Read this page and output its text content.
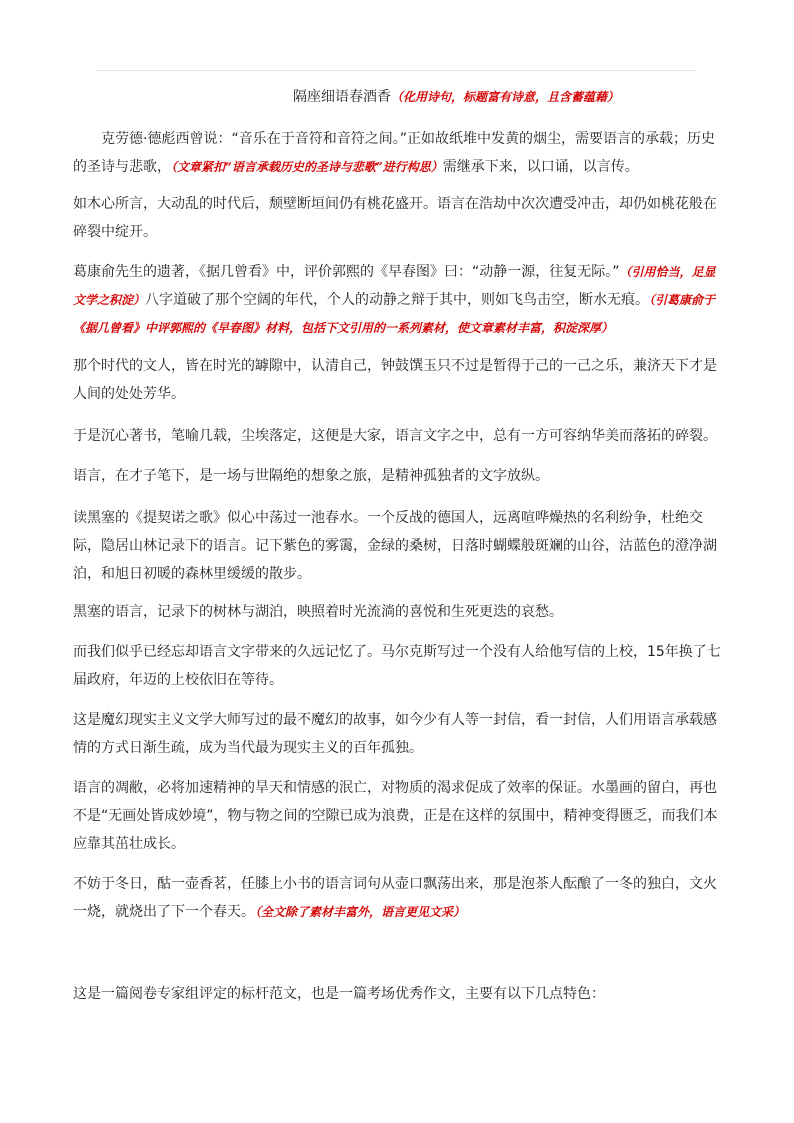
隔座细语春酒香（化用诗句，标题富有诗意，且含蓄蕴藉）

克劳德·德彪西曾说：“音乐在于音符和音符之间。”正如故纸堆中发黄的烟尘，需要语言的承载；历史的圣诗与悲歌，（文章紧扣“语言承载历史的圣诗与悲歌”进行构思）需继承下来，以口诵，以言传。

如木心所言，大动乱的时代后，颓壁断垣间仍有桃花盛开。语言在浩劫中次次遭受冲击，却仍如桃花般在碎裂中绽开。

葛康俞先生的遗著，《据几曾看》中，评价郭熙的《早春图》曰：“动静一源，往复无际。”（引用恰当，足显文学之积淀）八字道破了那个空阔的年代，个人的动静之辩于其中，则如飞鸟击空，断水无痕。（引葛康俞于《据几曾看》中评郭熙的《早春图》材料，包括下文引用的一系列素材，使文章素材丰富，积淀深厚）

那个时代的文人，皆在时光的罅隙中，认清自己，钟鼓馔玉只不过是暂得于己的一己之乐，兼济天下才是人间的处处芳华。

于是沉心著书，笔喻几载，尘埃落定，这便是大家，语言文字之中，总有一方可容纳华美而落拓的碎裂。

语言，在才子笔下，是一场与世隔绝的想象之旅，是精神孤独者的文字放纵。

读黑塞的《提契诺之歌》似心中荡过一池春水。一个反战的德国人，远离喧哗燥热的名利纷争，杜绝交际，隐居山林记录下的语言。记下紫色的雾霭，金绿的桑树，日落时蝴蝶般斑斓的山谷，沽蓝色的澄净湖泊，和旭日初暖的森林里缓缓的散步。

黑塞的语言，记录下的树林与湖泊，映照着时光流淌的喜悦和生死更迭的哀愁。

而我们似乎已经忘却语言文字带来的久远记忆了。马尔克斯写过一个没有人给他写信的上校，15年换了七届政府，年迈的上校依旧在等待。

这是魔幻现实主义文学大师写过的最不魔幻的故事，如今少有人等一封信，看一封信，人们用语言承载感情的方式日渐生疏，成为当代最为现实主义的百年孤独。

语言的凋敝，必将加速精神的旱天和情感的泯亡，对物质的渴求促成了效率的保证。水墨画的留白，再也不是“无画处皆成妙境”，物与物之间的空隙已成为浪费，正是在这样的氛围中，精神变得匮乏，而我们本应靠其茁壮成长。

不妨于冬日，酤一壶香茗，任膝上小书的语言词句从壶口飘荡出来，那是泡茶人酝酿了一冬的独白，文火一烧，就烧出了下一个春天。（全文除了素材丰富外，语言更见文采）

这是一篇阅卷专家组评定的标杆范文，也是一篇考场优秀作文，主要有以下几点特色：
